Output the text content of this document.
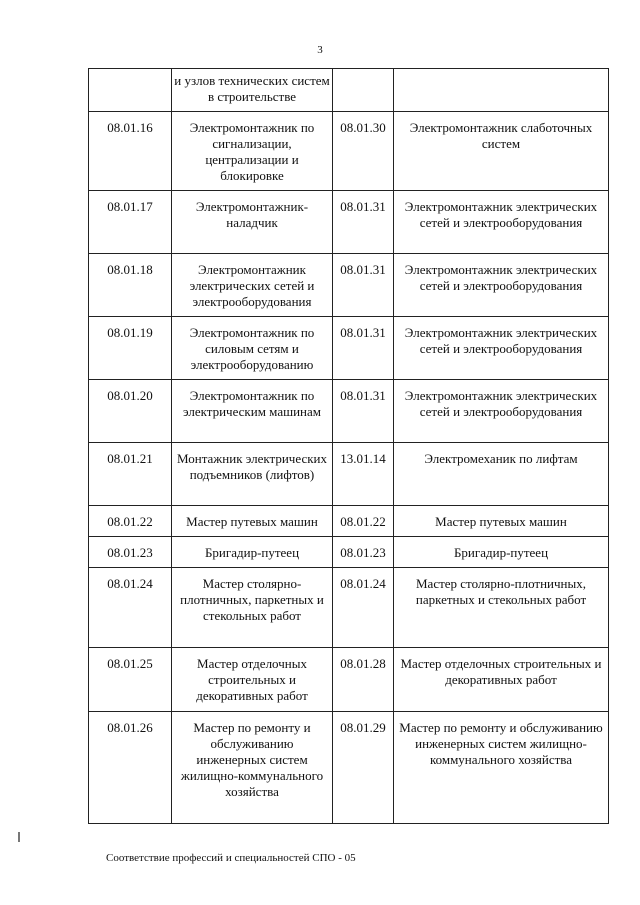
3
	и узлов технических систем в строительстве		
08.01.16	Электромонтажник по сигнализации, централизации и блокировке	08.01.30	Электромонтажник слаботочных систем
08.01.17	Электромонтажник-наладчик	08.01.31	Электромонтажник электрических сетей и электрооборудования
08.01.18	Электромонтажник электрических сетей и электрооборудования	08.01.31	Электромонтажник электрических сетей и электрооборудования
08.01.19	Электромонтажник по силовым сетям и электрооборудованию	08.01.31	Электромонтажник электрических сетей и электрооборудования
08.01.20	Электромонтажник по электрическим машинам	08.01.31	Электромонтажник электрических сетей и электрооборудования
08.01.21	Монтажник электрических подъемников (лифтов)	13.01.14	Электромеханик по лифтам
08.01.22	Мастер путевых машин	08.01.22	Мастер путевых машин
08.01.23	Бригадир-путеец	08.01.23	Бригадир-путеец
08.01.24	Мастер столярно-плотничных, паркетных и стекольных работ	08.01.24	Мастер столярно-плотничных, паркетных и стекольных работ
08.01.25	Мастер отделочных строительных и декоративных работ	08.01.28	Мастер отделочных строительных и декоративных работ
08.01.26	Мастер по ремонту и обслуживанию инженерных систем жилищно-коммунального хозяйства	08.01.29	Мастер по ремонту и обслуживанию инженерных систем жилищно-коммунального хозяйства
Соответствие профессий и специальностей СПО - 05
